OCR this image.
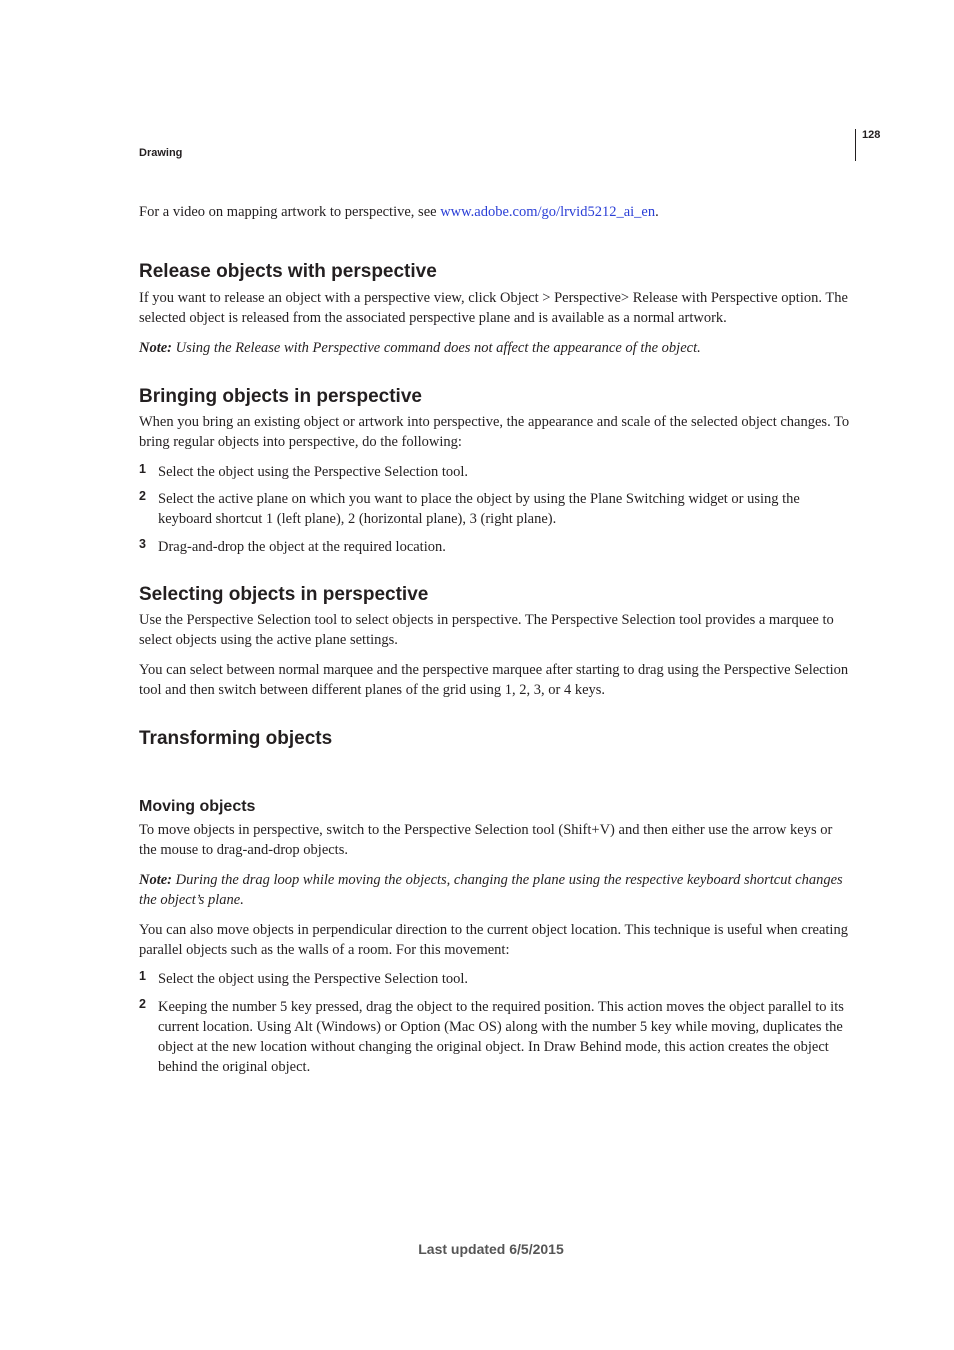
Drawing
128

For a video on mapping artwork to perspective, see www.adobe.com/go/lrvid5212_ai_en.

Release objects with perspective

If you want to release an object with a perspective view, click Object > Perspective> Release with Perspective option. The selected object is released from the associated perspective plane and is available as a normal artwork.

Note: Using the Release with Perspective command does not affect the appearance of the object.

Bringing objects in perspective

When you bring an existing object or artwork into perspective, the appearance and scale of the selected object changes. To bring regular objects into perspective, do the following:

1 Select the object using the Perspective Selection tool.

2 Select the active plane on which you want to place the object by using the Plane Switching widget or using the keyboard shortcut 1 (left plane), 2 (horizontal plane), 3 (right plane).

3 Drag-and-drop the object at the required location.

Selecting objects in perspective

Use the Perspective Selection tool to select objects in perspective. The Perspective Selection tool provides a marquee to select objects using the active plane settings.

You can select between normal marquee and the perspective marquee after starting to drag using the Perspective Selection tool and then switch between different planes of the grid using 1, 2, 3, or 4 keys.

Transforming objects
Moving objects

To move objects in perspective, switch to the Perspective Selection tool (Shift+V) and then either use the arrow keys or the mouse to drag-and-drop objects.

Note: During the drag loop while moving the objects, changing the plane using the respective keyboard shortcut changes the object’s plane.

You can also move objects in perpendicular direction to the current object location. This technique is useful when creating parallel objects such as the walls of a room. For this movement:

1 Select the object using the Perspective Selection tool.

2 Keeping the number 5 key pressed, drag the object to the required position. This action moves the object parallel to its current location. Using Alt (Windows) or Option (Mac OS) along with the number 5 key while moving, duplicates the object at the new location without changing the original object. In Draw Behind mode, this action creates the object behind the original object.

Last updated 6/5/2015
